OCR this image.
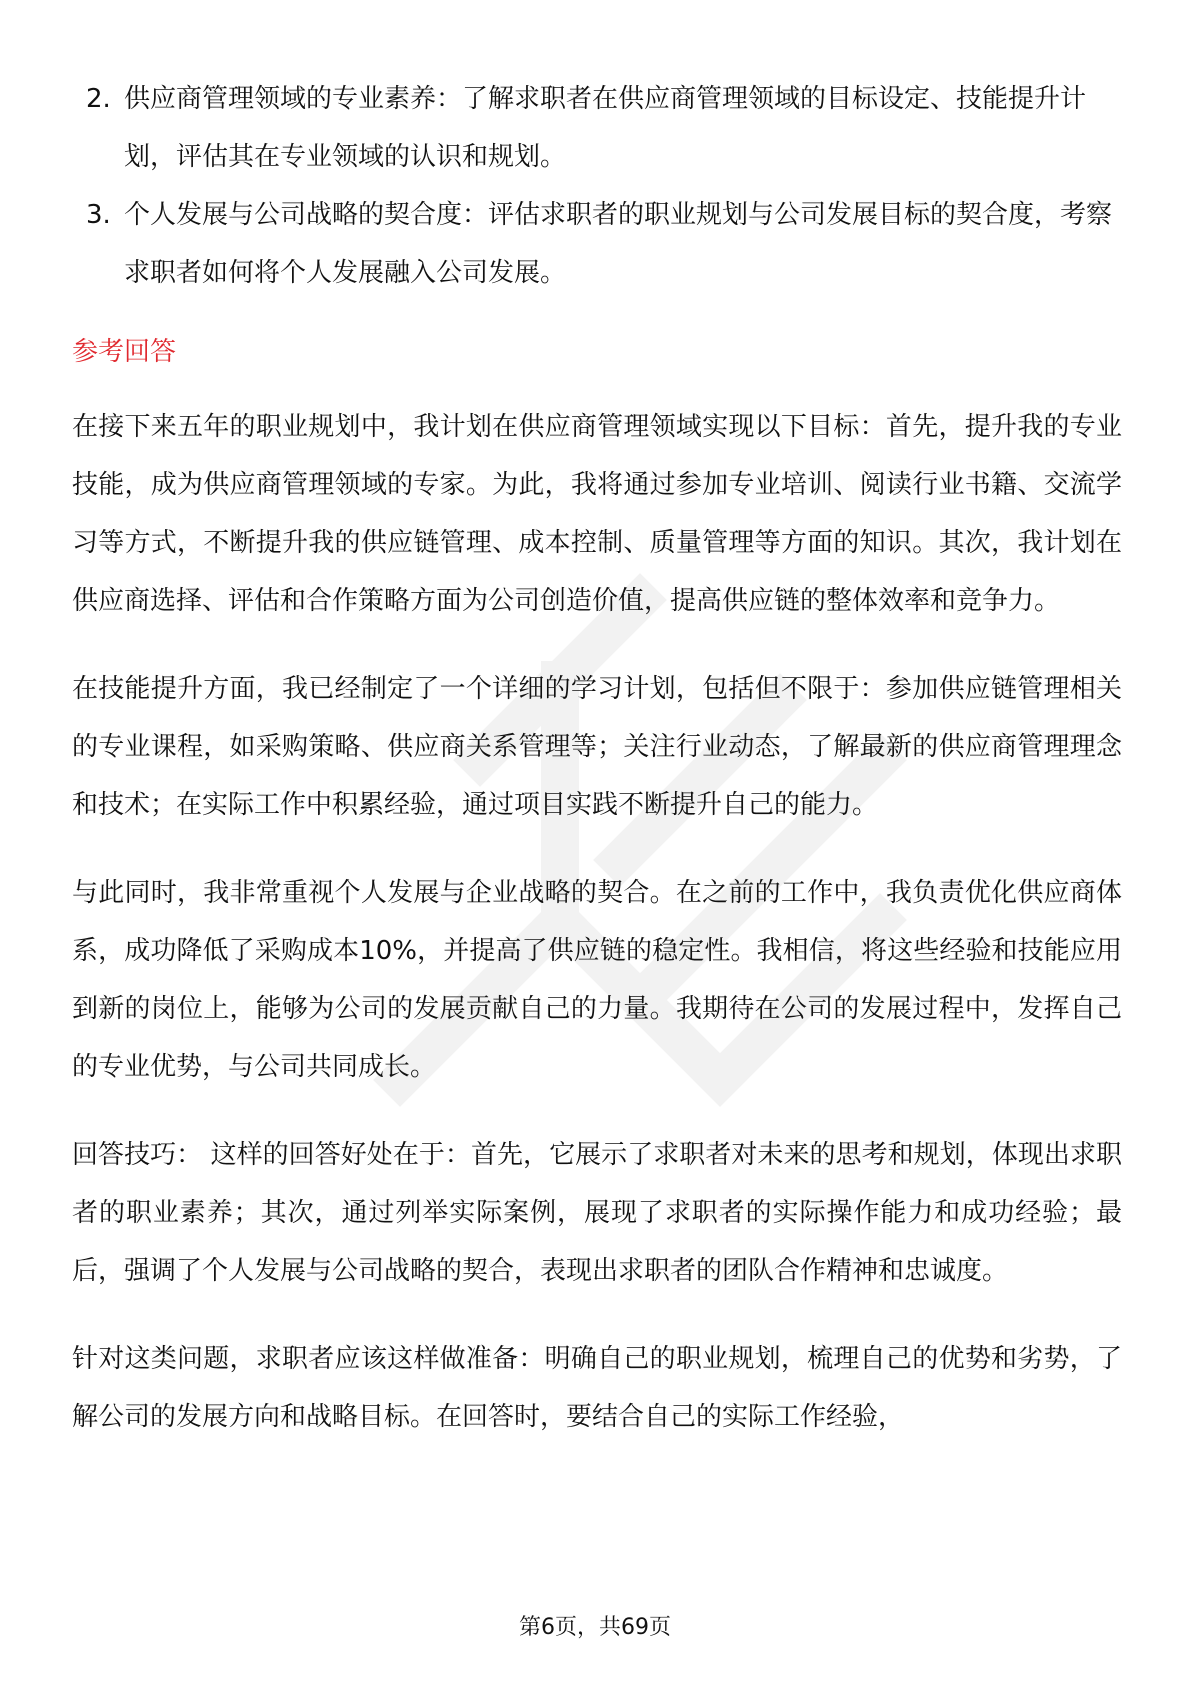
2. 供应商管理领域的专业素养：了解求职者在供应商管理领域的目标设定、技能提升计划，评估其在专业领域的认识和规划。
3. 个人发展与公司战略的契合度：评估求职者的职业规划与公司发展目标的契合度，考察求职者如何将个人发展融入公司发展。
参考回答

在接下来五年的职业规划中，我计划在供应商管理领域实现以下目标：首先，提升我的专业技能，成为供应商管理领域的专家。为此，我将通过参加专业培训、阅读行业书籍、交流学习等方式，不断提升我的供应链管理、成本控制、质量管理等方面的知识。其次，我计划在供应商选择、评估和合作策略方面为公司创造价值，提高供应链的整体效率和竞争力。

在技能提升方面，我已经制定了一个详细的学习计划，包括但不限于：参加供应链管理相关的专业课程，如采购策略、供应商关系管理等；关注行业动态，了解最新的供应商管理理念和技术；在实际工作中积累经验，通过项目实践不断提升自己的能力。

与此同时，我非常重视个人发展与企业战略的契合。在之前的工作中，我负责优化供应商体系，成功降低了采购成本10%，并提高了供应链的稳定性。我相信，将这些经验和技能应用到新的岗位上，能够为公司的发展贡献自己的力量。我期待在公司的发展过程中，发挥自己的专业优势，与公司共同成长。

回答技巧： 这样的回答好处在于：首先，它展示了求职者对未来的思考和规划，体现出求职者的职业素养；其次，通过列举实际案例，展现了求职者的实际操作能力和成功经验；最后，强调了个人发展与公司战略的契合，表现出求职者的团队合作精神和忠诚度。

针对这类问题，求职者应该这样做准备：明确自己的职业规划，梳理自己的优势和劣势，了解公司的发展方向和战略目标。在回答时，要结合自己的实际工作经验，

第6页，共69页
